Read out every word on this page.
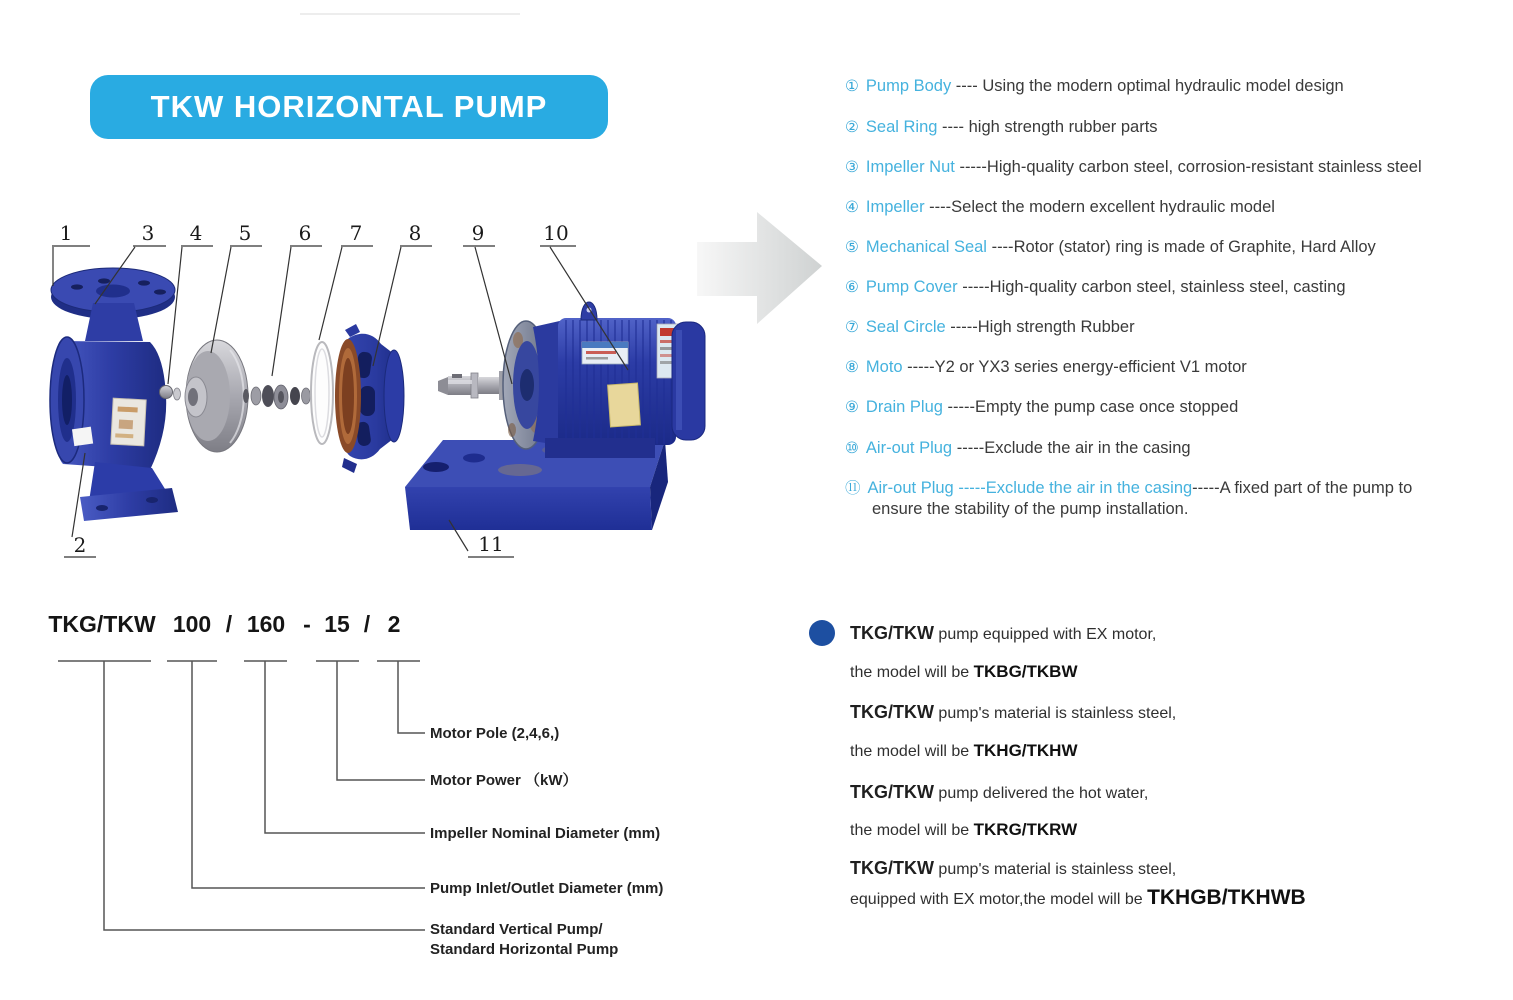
TKW HORIZONTAL PUMP
1	3 4 5 6 7 8	9	10
2	11
① Pump Body ---- Using the modern optimal hydraulic model design
② Seal Ring ---- high strength rubber parts
③ Impeller Nut -----High-quality carbon steel, corrosion-resistant stainless steel
④ Impeller ----Select the modern excellent hydraulic model
⑤ Mechanical Seal ----Rotor (stator) ring is made of Graphite, Hard Alloy
⑥ Pump Cover -----High-quality carbon steel, stainless steel, casting
⑦ Seal Circle -----High strength Rubber
⑧ Moto -----Y2 or YX3 series energy-efficient V1 motor
⑨ Drain Plug -----Empty the pump case once stopped
⑩ Air-out Plug -----Exclude the air in the casing
⑪ Air-out Plug -----Exclude the air in the casing-----A fixed part of the pump to
ensure the stability of the pump installation.
TKG/TKW 100 / 160 - 15 / 2
Motor Pole (2,4,6,)
Motor Power （kW）
Impeller Nominal Diameter (mm)
Pump Inlet/Outlet Diameter (mm)
Standard Vertical Pump/
Standard Horizontal Pump
TKG/TKW pump equipped with EX motor,
the model will be TKBG/TKBW
TKG/TKW pump's material is stainless steel,
the model will be TKHG/TKHW
TKG/TKW pump delivered the hot water,
the model will be TKRG/TKRW
TKG/TKW pump's material is stainless steel,
equipped with EX motor,the model will be TKHGB/TKHWB
